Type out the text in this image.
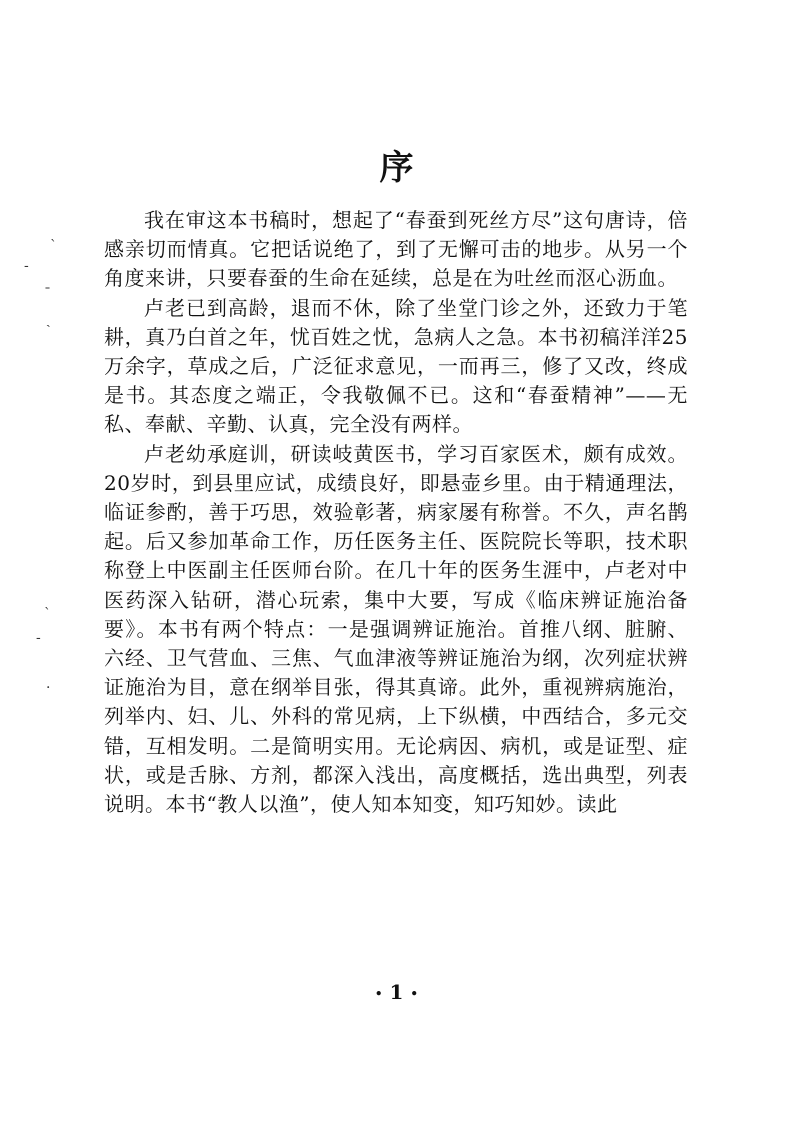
序

我在审这本书稿时，想起了“春蚕到死丝方尽”这句唐诗，倍感亲切而情真。它把话说绝了，到了无懈可击的地步。从另一个角度来讲，只要春蚕的生命在延续，总是在为吐丝而沤心沥血。

卢老已到高龄，退而不休，除了坐堂门诊之外，还致力于笔耕，真乃白首之年，忧百姓之忧，急病人之急。本书初稿洋洋25万余字，草成之后，广泛征求意见，一而再三，修了又改，终成是书。其态度之端正，令我敬佩不已。这和“春蚕精神”——无私、奉献、辛勤、认真，完全没有两样。

卢老幼承庭训，研读岐黄医书，学习百家医术，颇有成效。20岁时，到县里应试，成绩良好，即悬壶乡里。由于精通理法，临证参酌，善于巧思，效验彰著，病家屡有称誉。不久，声名鹊起。后又参加革命工作，历任医务主任、医院院长等职，技术职称登上中医副主任医师台阶。在几十年的医务生涯中，卢老对中医药深入钻研，潜心玩索，集中大要，写成《临床辨证施治备要》。本书有两个特点：一是强调辨证施治。首推八纲、脏腑、六经、卫气营血、三焦、气血津液等辨证施治为纲，次列症状辨证施治为目，意在纲举目张，得其真谛。此外，重视辨病施治，列举内、妇、儿、外科的常见病，上下纵横，中西结合，多元交错，互相发明。二是简明实用。无论病因、病机，或是证型、症状，或是舌脉、方剂，都深入浅出，高度概括，选出典型，列表说明。本书“教人以渔”，使人知本知变，知巧知妙。读此

ˋ
-
ˉ
ˎ
ˋ
-
·
• 1 •
